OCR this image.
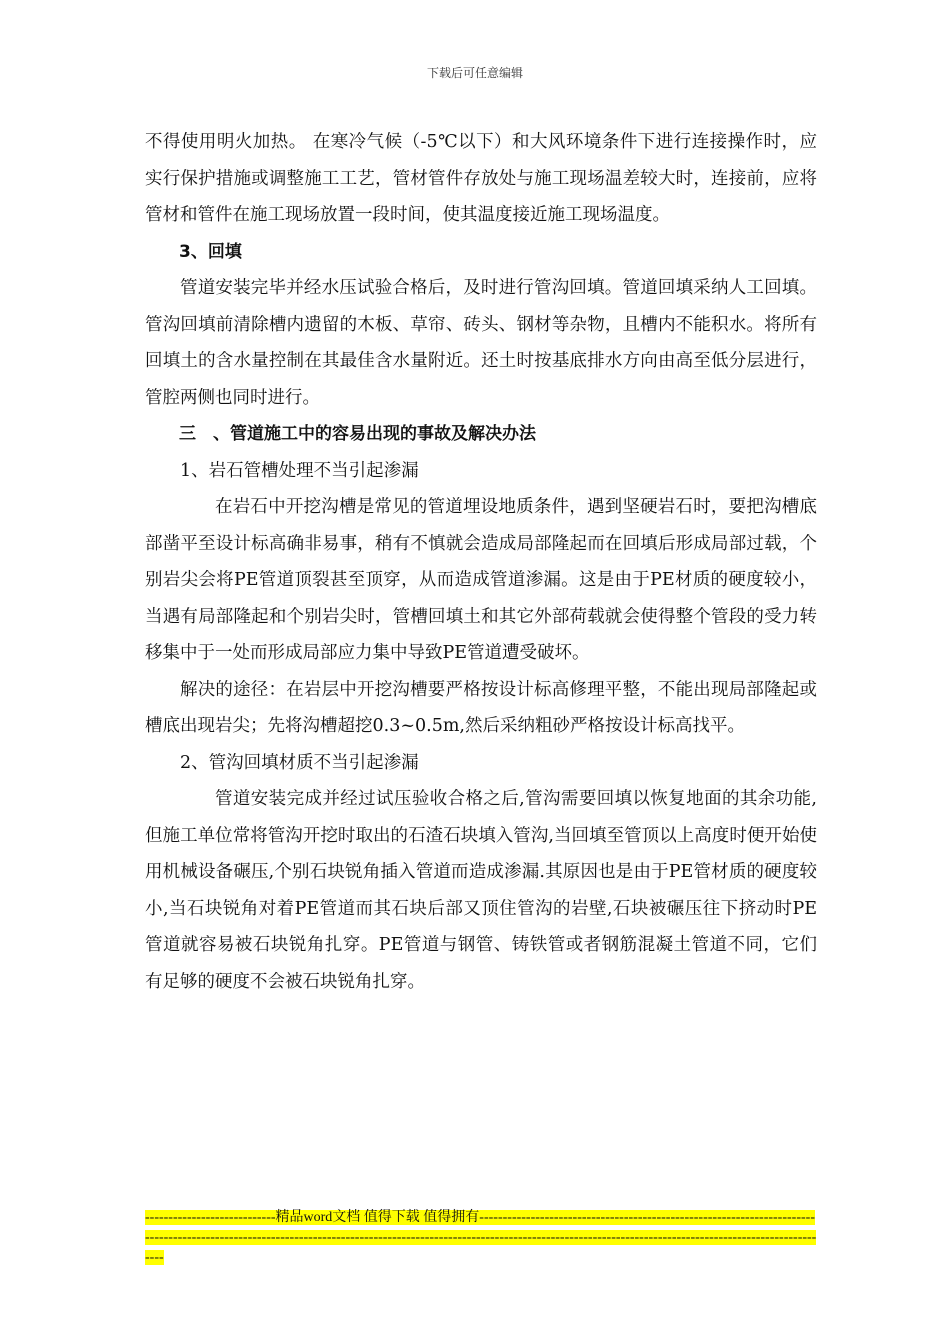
下载后可任意编辑

不得使用明火加热。 在寒冷气候（-5℃以下）和大风环境条件下进行连接操作时，应实行保护措施或调整施工工艺，管材管件存放处与施工现场温差较大时，连接前，应将管材和管件在施工现场放置一段时间，使其温度接近施工现场温度。

3、回填

管道安装完毕并经水压试验合格后，及时进行管沟回填。管道回填采纳人工回填。管沟回填前清除槽内遗留的木板、草帘、砖头、钢材等杂物，且槽内不能积水。将所有回填土的含水量控制在其最佳含水量附近。还土时按基底排水方向由高至低分层进行，管腔两侧也同时进行。

三　、管道施工中的容易出现的事故及解决办法

1、岩石管槽处理不当引起渗漏

在岩石中开挖沟槽是常见的管道埋设地质条件，遇到坚硬岩石时，要把沟槽底部凿平至设计标高确非易事，稍有不慎就会造成局部隆起而在回填后形成局部过载，个别岩尖会将PE管道顶裂甚至顶穿，从而造成管道渗漏。这是由于PE材质的硬度较小，当遇有局部隆起和个别岩尖时，管槽回填土和其它外部荷载就会使得整个管段的受力转移集中于一处而形成局部应力集中导致PE管道遭受破坏。

解决的途径：在岩层中开挖沟槽要严格按设计标高修理平整，不能出现局部隆起或槽底出现岩尖；先将沟槽超挖0.3~0.5m,然后采纳粗砂严格按设计标高找平。

2、管沟回填材质不当引起渗漏

管道安装完成并经过试压验收合格之后,管沟需要回填以恢复地面的其余功能,但施工单位常将管沟开挖时取出的石渣石块填入管沟,当回填至管顶以上高度时便开始使用机械设备碾压,个别石块锐角插入管道而造成渗漏.其原因也是由于PE管材质的硬度较小,当石块锐角对着PE管道而其石块后部又顶住管沟的岩壁,石块被碾压往下挤动时PE管道就容易被石块锐角扎穿。PE管道与钢管、铸铁管或者钢筋混凝土管道不同，它们有足够的硬度不会被石块锐角扎穿。

----------------------------精品word文档 值得下载 值得拥有----------------------------------------------------------------------------------------------------------------------------------------------------------------------------------------------------------------------------
